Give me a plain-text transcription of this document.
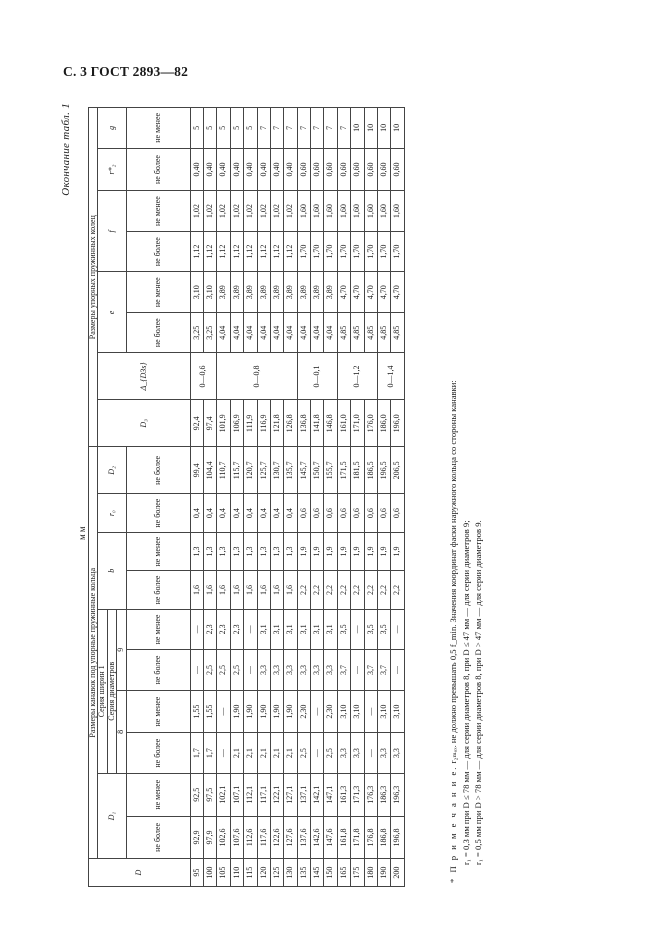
С. 3 ГОСТ 2893—82
Окончание табл. 1
мм
D	Размеры канавок под упорные пружинные кольца										Размеры упорных пружинных колец							
	D₁		Серия ширин 1				b		r₀	D₂	D₃	Δ_{D3s}	e		f		r*₂	g
			Серия диаметров															
			8		9													
	не более	не менее	не более	не менее	не более	не менее	не более	не менее	не более	не более			не более	не менее	не более	не менее	не более	не менее
95	92,9	92,5	1,7	1,55	—	—	1,6	1,3	0,4	99,4	92,4	0—0,6	3,25	3,10	1,12	1,02	0,40	5
100	97,9	97,5	1,7	1,55	2,5	2,3	1,6	1,3	0,4	104,4	97,4		3,25	3,10	1,12	1,02	0,40	5
105	102,6	102,1	—	—	2,5	2,3	1,6	1,3	0,4	110,7	101,9	0—0,8	4,04	3,89	1,12	1,02	0,40	5
110	107,6	107,1	2,1	1,90	2,5	2,3	1,6	1,3	0,4	115,7	106,9		4,04	3,89	1,12	1,02	0,40	5
115	112,6	112,1	2,1	1,90	—	—	1,6	1,3	0,4	120,7	111,9		4,04	3,89	1,12	1,02	0,40	5
120	117,6	117,1	2,1	1,90	3,3	3,1	1,6	1,3	0,4	125,7	116,9		4,04	3,89	1,12	1,02	0,40	7
125	122,6	122,1	2,1	1,90	3,3	3,1	1,6	1,3	0,4	130,7	121,8		4,04	3,89	1,12	1,02	0,40	7
130	127,6	127,1	2,1	1,90	3,3	3,1	1,6	1,3	0,4	135,7	126,8		4,04	3,89	1,12	1,02	0,40	7
135	137,6	137,1	2,5	2,30	3,3	3,1	2,2	1,9	0,6	145,7	136,8	0—0,1	4,04	3,89	1,70	1,60	0,60	7
145	142,6	142,1	—	—	3,3	3,1	2,2	1,9	0,6	150,7	141,8		4,04	3,89	1,70	1,60	0,60	7
150	147,6	147,1	2,5	2,30	3,3	3,1	2,2	1,9	0,6	155,7	146,8		4,04	3,89	1,70	1,60	0,60	7
165	161,8	161,3	3,3	3,10	3,7	3,5	2,2	1,9	0,6	171,5	161,0	0—1,2	4,85	4,70	1,70	1,60	0,60	7
175	171,8	171,3	3,3	3,10	—	—	2,2	1,9	0,6	181,5	171,0		4,85	4,70	1,70	1,60	0,60	10
180	176,8	176,3	—	—	3,7	3,5	2,2	1,9	0,6	186,5	176,0		4,85	4,70	1,70	1,60	0,60	10
190	186,8	186,3	3,3	3,10	3,7	3,5	2,2	1,9	0,6	196,5	186,0	0—1,4	4,85	4,70	1,70	1,60	0,60	10
200	196,8	196,3	3,3	3,10	—	—	2,2	1,9	0,6	206,5	196,0		4,85	4,70	1,70	1,60	0,60	10
* П р и м е ч а н и е. r₂ₘₐₓ. не должно превышать 0,5 f_min. Значения координат фаски наружного кольца со стороны канавки: r₁ = 0,3 мм при D ≤ 78 мм — для серии диаметров 8, при D ≤ 47 мм — для серии диаметров 9; r₁ = 0,5 мм при D > 78 мм — для серии диаметров 8, при D > 47 мм — для серии диаметров 9.
